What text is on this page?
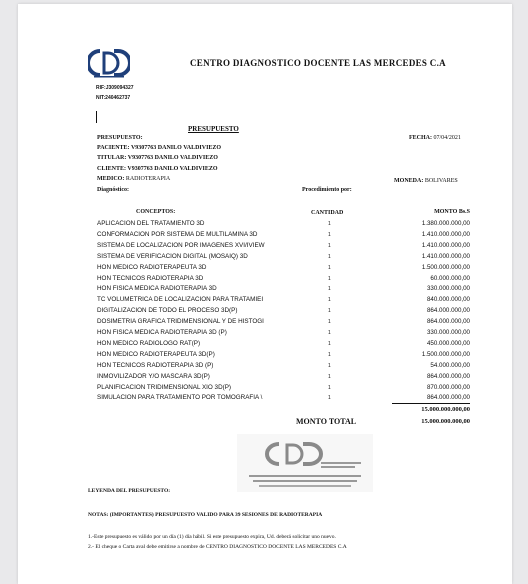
CENTRO DIAGNOSTICO DOCENTE LAS MERCEDES C.A
RIF:J309094327
NIT:240462737
PRESUPUESTO
PRESUPUESTO:	FECHA: 07/04/2021
PACIENTE: V9307763 DANILO VALDIVIEZO
TITULAR: V9307763 DANILO VALDIVIEZO
CLIENTE: V9307763 DANILO VALDIVIEZO
MEDICO: RADIOTERAPIA	MONEDA: BOLIVARES
Diagnóstico:	Procedimiento por:
CONCEPTOS:	CANTIDAD	MONTO Bs.S
APLICACION DEL TRATAMIENTO 3D	1	1.380.000.000,00
CONFORMACION POR SISTEMA DE MULTILAMINA 3D	1	1.410.000.000,00
SISTEMA DE LOCALIZACION POR IMAGENES XVI/IVIEW	1	1.410.000.000,00
SISTEMA DE VERIFICACION DIGITAL (MOSAIQ) 3D	1	1.410.000.000,00
HON MEDICO RADIOTERAPEUTA 3D	1	1.500.000.000,00
HON TECNICOS RADIOTERAPIA 3D	1	60.000.000,00
HON FISICA MEDICA RADIOTERAPIA 3D	1	330.000.000,00
TC VOLUMETRICA DE LOCALIZACION PARA TRATAMIEI	1	840.000.000,00
DIGITALIZACION DE TODO EL PROCESO 3D(P)	1	864.000.000,00
DOSIMETRIA GRAFICA TRIDIMENSIONAL Y DE HISTOGI	1	864.000.000,00
HON FISICA MEDICA RADIOTERAPIA 3D (P)	1	330.000.000,00
HON MEDICO RADIOLOGO RAT(P)	1	450.000.000,00
HON MEDICO RADIOTERAPEUTA 3D(P)	1	1.500.000.000,00
HON TECNICOS RADIOTERAPIA 3D (P)	1	54.000.000,00
INMOVILIZADOR Y/O MASCARA 3D(P)	1	864.000.000,00
PLANIFICACION TRIDIMENSIONAL XIO 3D(P)	1	870.000.000,00
SIMULACION PARA TRATAMIENTO POR TOMOGRAFIA \	1	864.000.000,00
15.000.000.000,00
MONTO TOTAL	15.000.000.000,00
LEYENDA DEL PRESUPUESTO:
NOTAS: (IMPORTANTES) PRESUPUESTO VALIDO PARA 39 SESIONES DE RADIOTERAPIA
1.-Este presupuesto es válido por un día (1) día hábil. Si este presupuesto expira, Ud. deberá solicitar uno nuevo.
2.- El cheque o Carta aval debe emitirse a nombre de CENTRO DIAGNOSTICO DOCENTE LAS MERCEDES C.A
